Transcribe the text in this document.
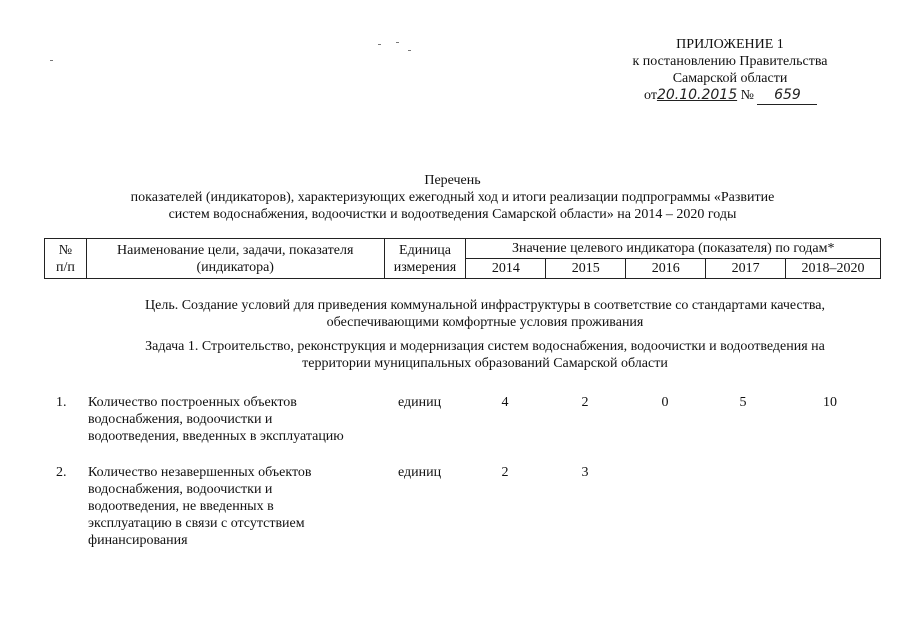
ПРИЛОЖЕНИЕ 1
к постановлению Правительства
Самарской области
от20.10.2015 № 659
Перечень
показателей (индикаторов), характеризующих ежегодный ход и итоги реализации подпрограммы «Развитие
систем водоснабжения, водоочистки и водоотведения Самарской области» на 2014 – 2020 годы
№
п/п	Наименование цели, задачи, показателя
(индикатора)	Единица
измерения	Значение целевого индикатора (показателя) по годам*				
			2014	2015	2016	2017	2018–2020
Цель. Создание условий для приведения коммунальной инфраструктуры в соответствие со стандартами качества,
обеспечивающими комфортные условия проживания
Задача 1. Строительство, реконструкция и модернизация систем водоснабжения, водоочистки и водоотведения на
территории муниципальных образований Самарской области
1.	Количество построенных объектов
водоснабжения, водоочистки и
водоотведения, введенных в эксплуатацию
единиц	4	2	0	5	10
2.	Количество незавершенных объектов
водоснабжения, водоочистки и
водоотведения, не введенных в
эксплуатацию в связи с отсутствием
финансирования
единиц	2	3
